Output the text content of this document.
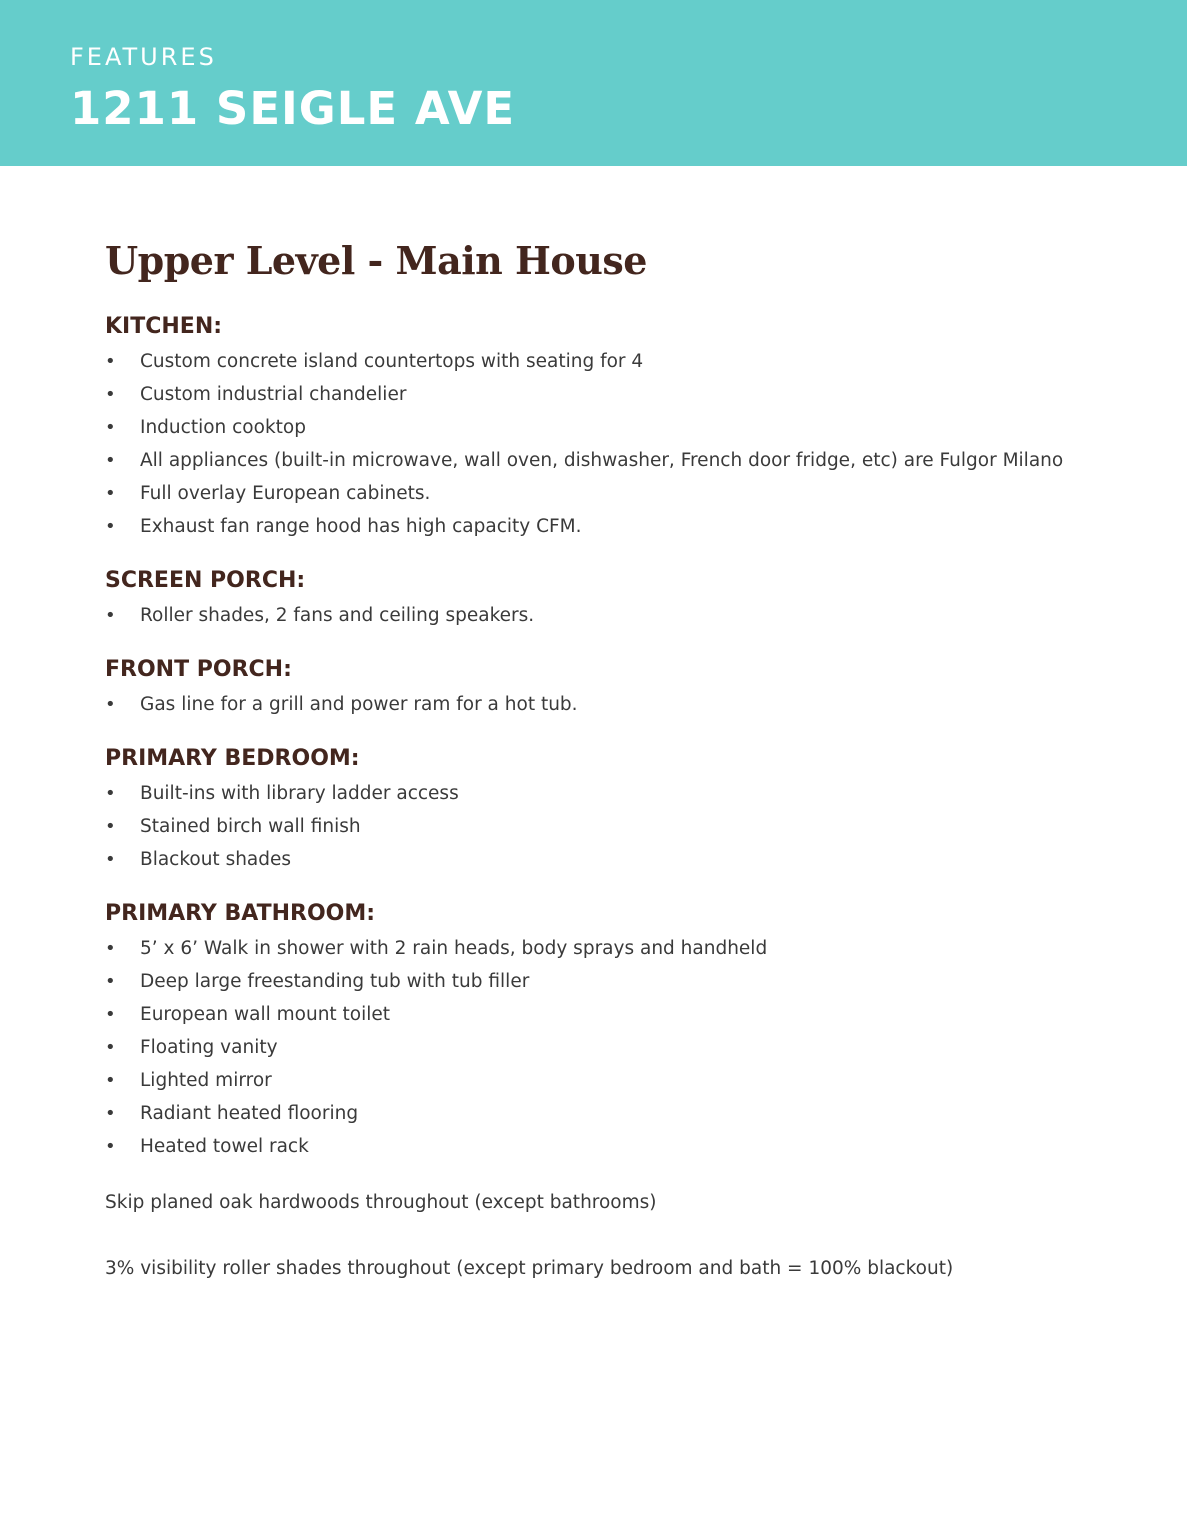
FEATURES
1211 SEIGLE AVE
Upper Level - Main House
KITCHEN:
• Custom concrete island countertops with seating for 4
• Custom industrial chandelier
• Induction cooktop
• All appliances (built-in microwave, wall oven, dishwasher, French door fridge, etc) are Fulgor Milano
• Full overlay European cabinets.
• Exhaust fan range hood has high capacity CFM.
SCREEN PORCH:
• Roller shades, 2 fans and ceiling speakers.
FRONT PORCH:
• Gas line for a grill and power ram for a hot tub.
PRIMARY BEDROOM:
• Built-ins with library ladder access
• Stained birch wall finish
• Blackout shades
PRIMARY BATHROOM:
• 5’ x 6’ Walk in shower with 2 rain heads, body sprays and handheld
• Deep large freestanding tub with tub filler
• European wall mount toilet
• Floating vanity
• Lighted mirror
• Radiant heated flooring
• Heated towel rack

Skip planed oak hardwoods throughout (except bathrooms)

3% visibility roller shades throughout (except primary bedroom and bath = 100% blackout)
